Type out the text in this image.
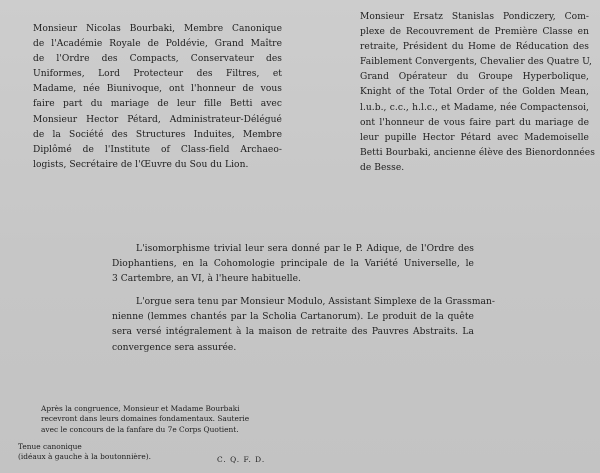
Monsieur Nicolas Bourbaki, Membre Canonique
de l'Académie Royale de Poldévie, Grand Maître
de l'Ordre des Compacts, Conservateur des
Uniformes, Lord Protecteur des Filtres, et
Madame, née Biunivoque, ont l'honneur de vous
faire part du mariage de leur fille Betti avec
Monsieur Hector Pétard, Administrateur-Délégué
de la Société des Structures Induites, Membre
Diplômé de l'Institute of Class-field Archaeo-
logists, Secrétaire de l'Œuvre du Sou du Lion.
Monsieur Ersatz Stanislas Pondiczery, Com-
plexe de Recouvrement de Première Classe en
retraite, Président du Home de Réducation des
Faiblement Convergents, Chevalier des Quatre U,
Grand Opérateur du Groupe Hyperbolique,
Knight of the Total Order of the Golden Mean,
l.u.b., c.c., h.l.c., et Madame, née Compactensoi,
ont l'honneur de vous faire part du mariage de
leur pupille Hector Pétard avec Mademoiselle
Betti Bourbaki, ancienne élève des Bienordonnées
de Besse.

L'isomorphisme trivial leur sera donné par le P. Adique, de l'Ordre des
Diophantiens, en la Cohomologie principale de la Variété Universelle, le
3 Cartembre, an VI, à l'heure habituelle.

L'orgue sera tenu par Monsieur Modulo, Assistant Simplexe de la Grassman-
nienne (lemmes chantés par la Scholia Cartanorum). Le produit de la quête
sera versé intégralement à la maison de retraite des Pauvres Abstraits. La
convergence sera assurée.

Après la congruence, Monsieur et Madame Bourbaki
recevront dans leurs domaines fondamentaux. Sauterie
avec le concours de la fanfare du 7e Corps Quotient.
Tenue canonique
(idéaux à gauche à la boutonnière).	C. Q. F. D.
